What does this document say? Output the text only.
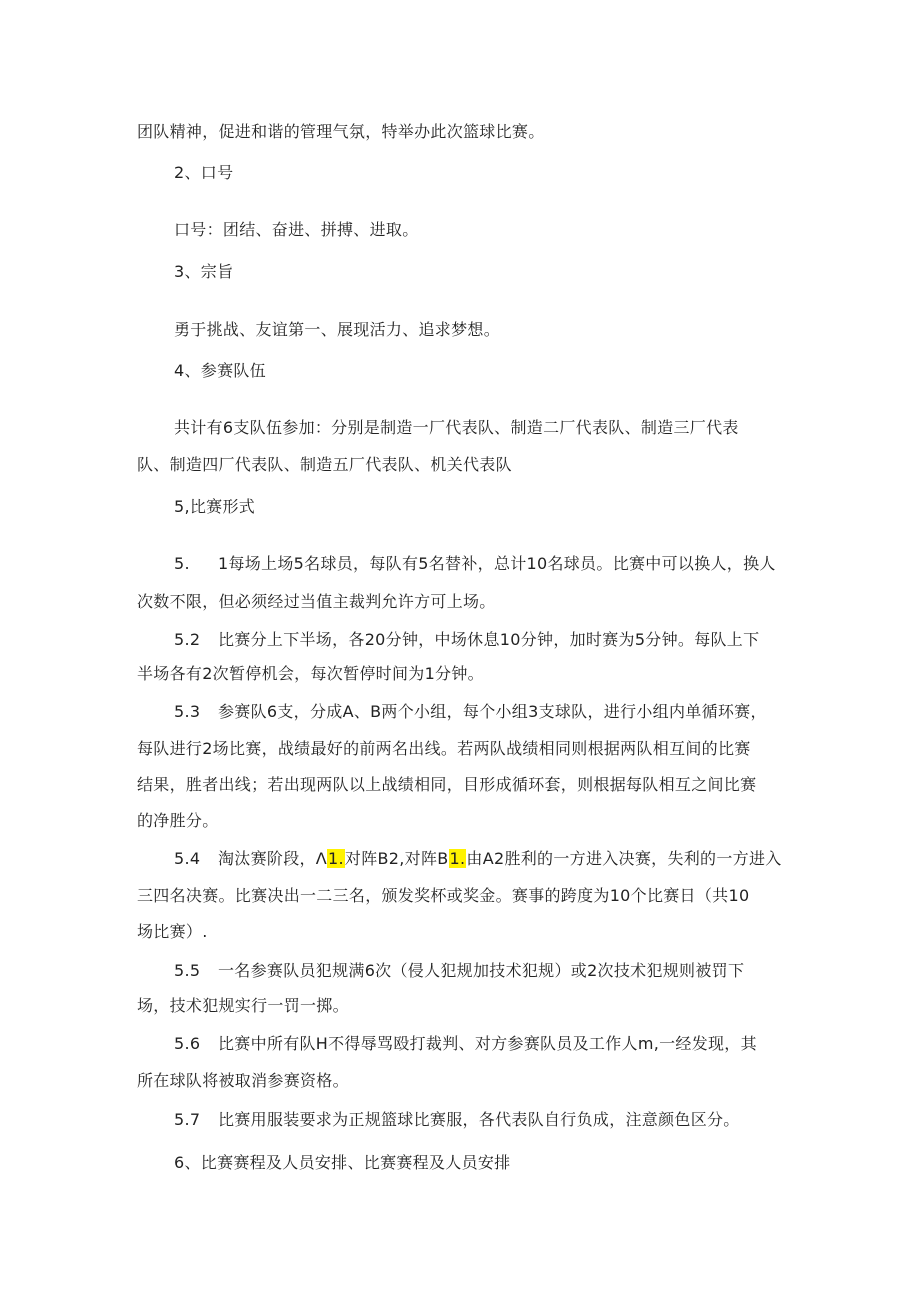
团队精神，促进和谐的管理气氛，特举办此次篮球比赛。
2、口号
口号：团结、奋进、拼搏、进取。
3、宗旨
勇于挑战、友谊第一、展现活力、追求梦想。
4、参赛队伍
共计有6支队伍参加：分别是制造一厂代表队、制造二厂代表队、制造三厂代表
队、制造四厂代表队、制造五厂代表队、机关代表队
5,比赛形式
5. 1每场上场5名球员，每队有5名替补，总计10名球员。比赛中可以换人，换人
次数不限，但必须经过当值主裁判允许方可上场。
5.2 比赛分上下半场，各20分钟，中场休息10分钟，加时赛为5分钟。每队上下
半场各有2次暂停机会，每次暂停时间为1分钟。
5.3 参赛队6支，分成A、B两个小组，每个小组3支球队，进行小组内单循环赛，
每队进行2场比赛，战绩最好的前两名出线。若两队战绩相同则根据两队相互间的比赛
结果，胜者出线；若出现两队以上战绩相同，目形成循环套，则根据每队相互之间比赛
的净胜分。
5.4 淘汰赛阶段，Λ1.对阵B2,对阵B1.由A2胜利的一方进入决赛，失利的一方进入
三四名决赛。比赛决出一二三名，颁发奖杯或奖金。赛事的跨度为10个比赛日（共10
场比赛）.
5.5 一名参赛队员犯规满6次（侵人犯规加技术犯规）或2次技术犯规则被罚下
场，技术犯规实行一罚一掷。
5.6 比赛中所有队H不得辱骂殴打裁判、对方参赛队员及工作人m,一经发现，其
所在球队将被取消参赛资格。
5.7 比赛用服装要求为正规篮球比赛服，各代表队自行负成，注意颜色区分。
6、比赛赛程及人员安排、比赛赛程及人员安排
